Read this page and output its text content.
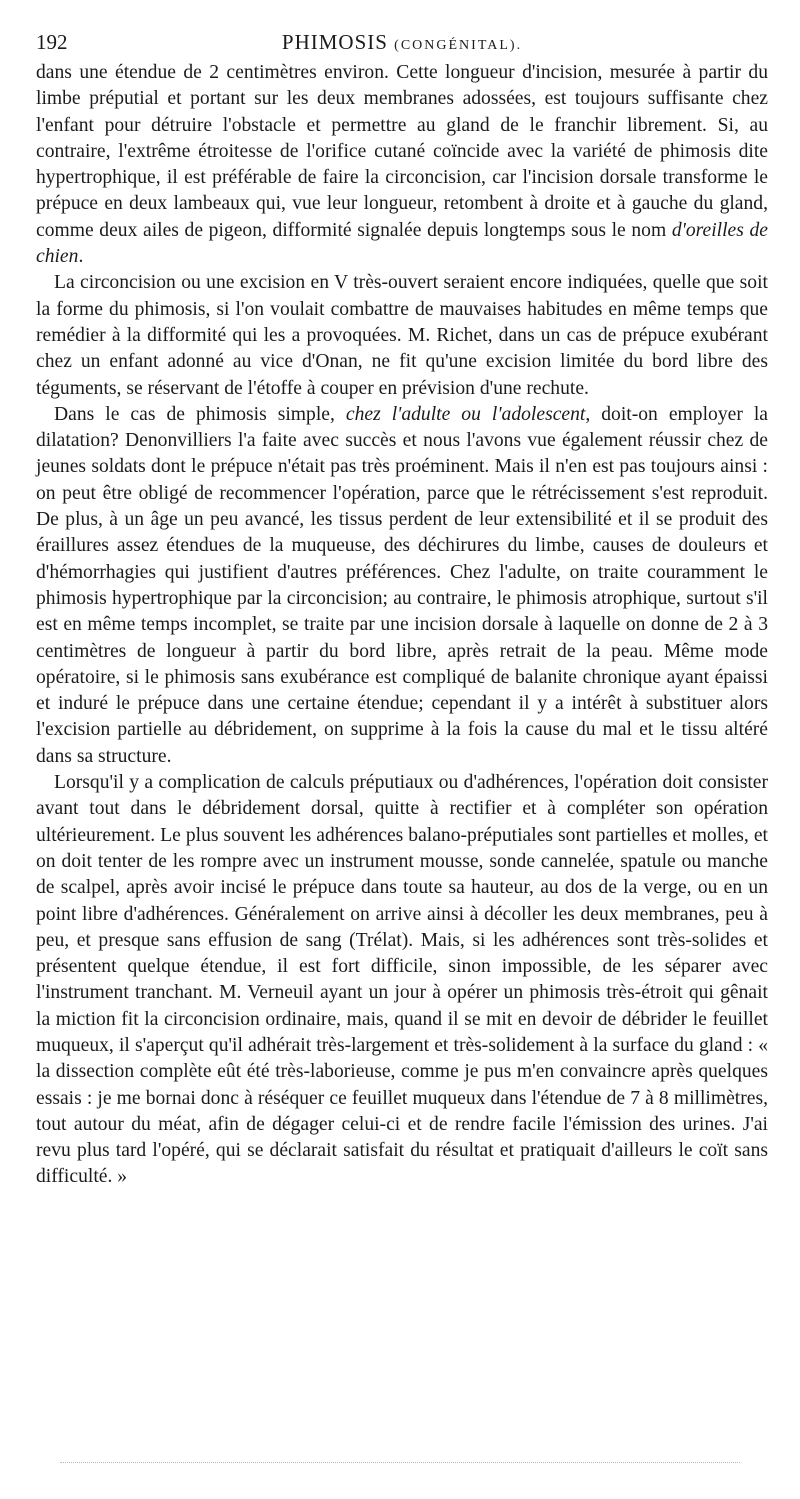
192	PHIMOSIS (CONGÉNITAL).

dans une étendue de 2 centimètres environ. Cette longueur d'incision, mesurée à partir du limbe préputial et portant sur les deux membranes adossées, est toujours suffisante chez l'enfant pour détruire l'obstacle et permettre au gland de le franchir librement. Si, au contraire, l'extrême étroitesse de l'orifice cutané coïncide avec la variété de phimosis dite hypertrophique, il est préférable de faire la circoncision, car l'incision dorsale transforme le prépuce en deux lambeaux qui, vue leur longueur, retombent à droite et à gauche du gland, comme deux ailes de pigeon, difformité signalée depuis longtemps sous le nom d'oreilles de chien.

La circoncision ou une excision en V très-ouvert seraient encore indiquées, quelle que soit la forme du phimosis, si l'on voulait combattre de mauvaises habitudes en même temps que remédier à la difformité qui les a provoquées. M. Richet, dans un cas de prépuce exubérant chez un enfant adonné au vice d'Onan, ne fit qu'une excision limitée du bord libre des téguments, se réservant de l'étoffe à couper en prévision d'une rechute.

Dans le cas de phimosis simple, chez l'adulte ou l'adolescent, doit-on employer la dilatation? Denonvilliers l'a faite avec succès et nous l'avons vue également réussir chez de jeunes soldats dont le prépuce n'était pas très proéminent. Mais il n'en est pas toujours ainsi : on peut être obligé de recommencer l'opération, parce que le rétrécissement s'est reproduit. De plus, à un âge un peu avancé, les tissus perdent de leur extensibilité et il se produit des éraillures assez étendues de la muqueuse, des déchirures du limbe, causes de douleurs et d'hémorrhagies qui justifient d'autres préférences. Chez l'adulte, on traite couramment le phimosis hypertrophique par la circoncision; au contraire, le phimosis atrophique, surtout s'il est en même temps incomplet, se traite par une incision dorsale à laquelle on donne de 2 à 3 centimètres de longueur à partir du bord libre, après retrait de la peau. Même mode opératoire, si le phimosis sans exubérance est compliqué de balanite chronique ayant épaissi et induré le prépuce dans une certaine étendue; cependant il y a intérêt à substituer alors l'excision partielle au débridement, on supprime à la fois la cause du mal et le tissu altéré dans sa structure.

Lorsqu'il y a complication de calculs préputiaux ou d'adhérences, l'opération doit consister avant tout dans le débridement dorsal, quitte à rectifier et à compléter son opération ultérieurement. Le plus souvent les adhérences balano-préputiales sont partielles et molles, et on doit tenter de les rompre avec un instrument mousse, sonde cannelée, spatule ou manche de scalpel, après avoir incisé le prépuce dans toute sa hauteur, au dos de la verge, ou en un point libre d'adhérences. Généralement on arrive ainsi à décoller les deux membranes, peu à peu, et presque sans effusion de sang (Trélat). Mais, si les adhérences sont très-solides et présentent quelque étendue, il est fort difficile, sinon impossible, de les séparer avec l'instrument tranchant. M. Verneuil ayant un jour à opérer un phimosis très-étroit qui gênait la miction fit la circoncision ordinaire, mais, quand il se mit en devoir de débrider le feuillet muqueux, il s'aperçut qu'il adhérait très-largement et très-solidement à la surface du gland : « la dissection complète eût été très-laborieuse, comme je pus m'en convaincre après quelques essais : je me bornai donc à réséquer ce feuillet muqueux dans l'étendue de 7 à 8 millimètres, tout autour du méat, afin de dégager celui-ci et de rendre facile l'émission des urines. J'ai revu plus tard l'opéré, qui se déclarait satisfait du résultat et pratiquait d'ailleurs le coït sans difficulté. »
